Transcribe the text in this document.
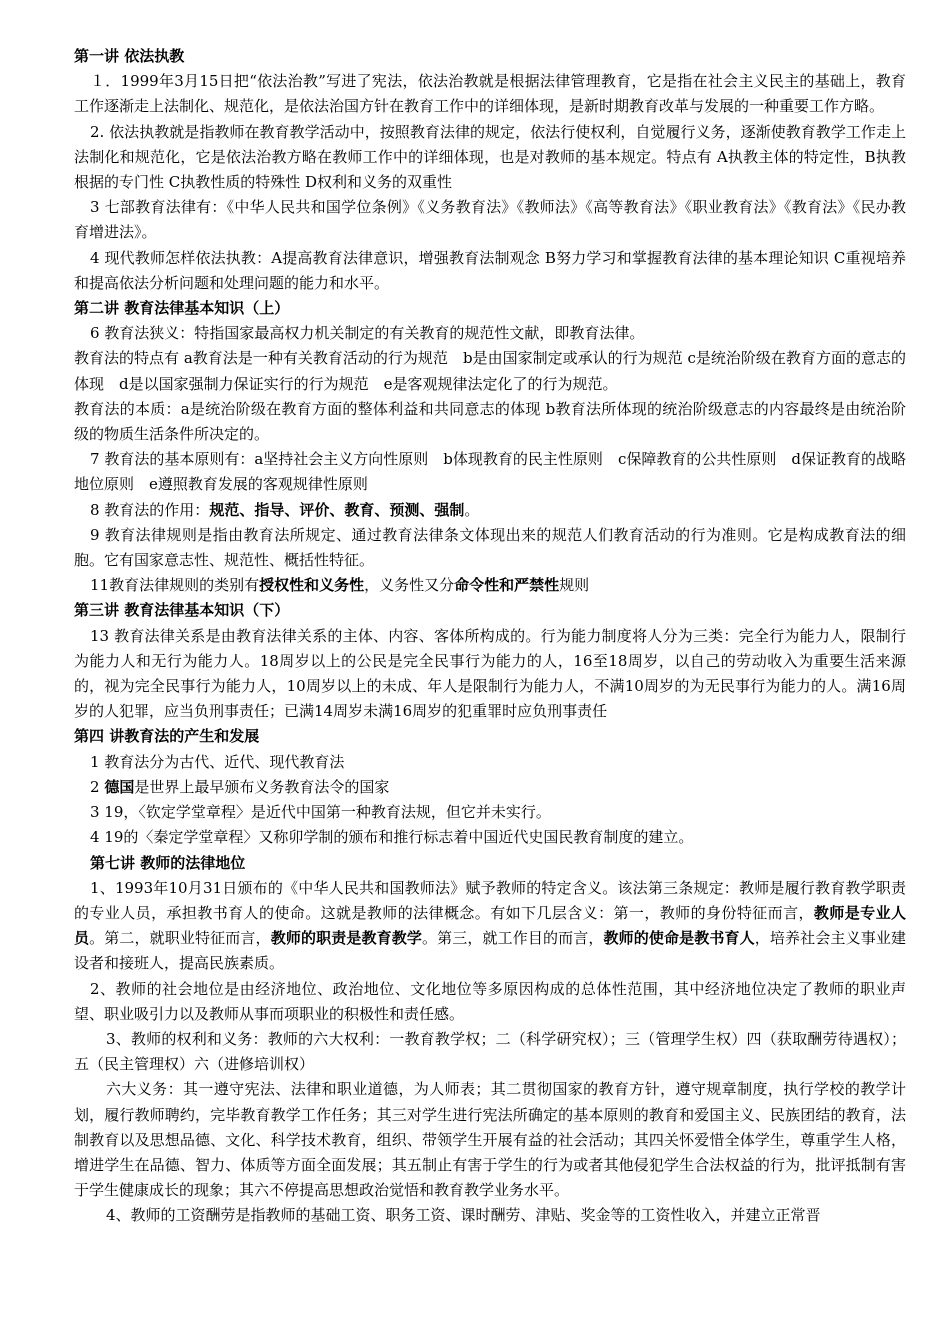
第一讲 依法执教

１．1999年3月15日把“依法治教”写进了宪法，依法治教就是根据法律管理教育，它是指在社会主义民主的基础上，教育工作逐渐走上法制化、规范化，是依法治国方针在教育工作中的详细体现，是新时期教育改革与发展的一种重要工作方略。

2. 依法执教就是指教师在教育教学活动中，按照教育法律的规定，依法行使权利，自觉履行义务，逐渐使教育教学工作走上法制化和规范化，它是依法治教方略在教师工作中的详细体现，也是对教师的基本规定。特点有 A执教主体的特定性，B执教根据的专门性 C执教性质的特殊性 D权利和义务的双重性

3 七部教育法律有：《中华人民共和国学位条例》《义务教育法》《教师法》《高等教育法》《职业教育法》《教育法》《民办教育增进法》。

4 现代教师怎样依法执教：A提高教育法律意识，增强教育法制观念 B努力学习和掌握教育法律的基本理论知识 C重视培养和提高依法分析问题和处理问题的能力和水平。

第二讲 教育法律基本知识（上）

6 教育法狭义：特指国家最高权力机关制定的有关教育的规范性文献，即教育法律。

教育法的特点有 a教育法是一种有关教育活动的行为规范　b是由国家制定或承认的行为规范 c是统治阶级在教育方面的意志的体现　d是以国家强制力保证实行的行为规范　e是客观规律法定化了的行为规范。

教育法的本质：a是统治阶级在教育方面的整体利益和共同意志的体现 b教育法所体现的统治阶级意志的内容最终是由统治阶级的物质生活条件所决定的。

7 教育法的基本原则有：a坚持社会主义方向性原则　b体现教育的民主性原则　c保障教育的公共性原则　d保证教育的战略地位原则　e遵照教育发展的客观规律性原则

8 教育法的作用：规范、指导、评价、教育、预测、强制。

9 教育法律规则是指由教育法所规定、通过教育法律条文体现出来的规范人们教育活动的行为准则。它是构成教育法的细胞。它有国家意志性、规范性、概括性特征。

11教育法律规则的类别有授权性和义务性，义务性又分命令性和严禁性规则

第三讲 教育法律基本知识（下）

13 教育法律关系是由教育法律关系的主体、内容、客体所构成的。行为能力制度将人分为三类：完全行为能力人，限制行为能力人和无行为能力人。18周岁以上的公民是完全民事行为能力的人，16至18周岁，以自己的劳动收入为重要生活来源的，视为完全民事行为能力人，10周岁以上的未成、年人是限制行为能力人，不满10周岁的为无民事行为能力的人。满16周岁的人犯罪，应当负刑事责任；已满14周岁未满16周岁的犯重罪时应负刑事责任

第四 讲教育法的产生和发展

1 教育法分为古代、近代、现代教育法

2 德国是世界上最早颁布义务教育法令的国家

3 19，〈钦定学堂章程〉是近代中国第一种教育法规，但它并未实行。

4 19的〈秦定学堂章程〉又称卯学制的颁布和推行标志着中国近代史国民教育制度的建立。

第七讲 教师的法律地位

1、1993年10月31日颁布的《中华人民共和国教师法》赋予教师的特定含义。该法第三条规定：教师是履行教育教学职责的专业人员，承担教书育人的使命。这就是教师的法律概念。有如下几层含义：第一，教师的身份特征而言，教师是专业人员。第二，就职业特征而言，教师的职责是教育教学。第三，就工作目的而言，教师的使命是教书育人，培养社会主义事业建设者和接班人，提高民族素质。

2、教师的社会地位是由经济地位、政治地位、文化地位等多原因构成的总体性范围，其中经济地位决定了教师的职业声望、职业吸引力以及教师从事而项职业的积极性和责任感。

3、教师的权利和义务：教师的六大权利：一教育教学权；二（科学研究权）；三（管理学生权）四（获取酬劳待遇权）；五（民主管理权）六（进修培训权）

六大义务：其一遵守宪法、法律和职业道德，为人师表；其二贯彻国家的教育方针，遵守规章制度，执行学校的教学计划，履行教师聘约，完毕教育教学工作任务；其三对学生进行宪法所确定的基本原则的教育和爱国主义、民族团结的教育，法制教育以及思想品德、文化、科学技术教育，组织、带领学生开展有益的社会活动；其四关怀爱惜全体学生，尊重学生人格，增进学生在品德、智力、体质等方面全面发展；其五制止有害于学生的行为或者其他侵犯学生合法权益的行为，批评抵制有害于学生健康成长的现象；其六不停提高思想政治觉悟和教育教学业务水平。

4、教师的工资酬劳是指教师的基础工资、职务工资、课时酬劳、津贴、奖金等的工资性收入，并建立正常晋
